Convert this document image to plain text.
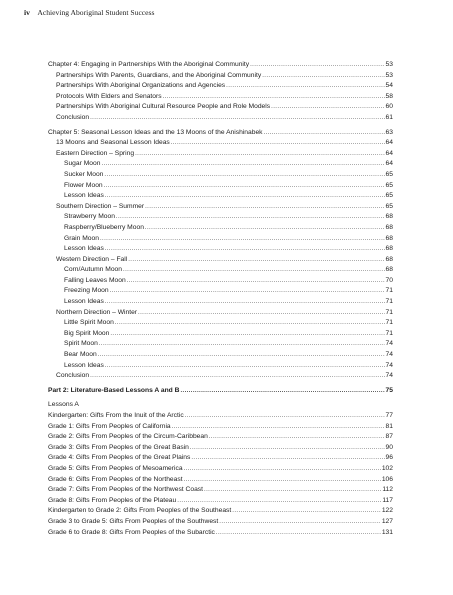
iv Achieving Aboriginal Student Success
Chapter 4: Engaging in Partnerships With the Aboriginal Community .....	53
Partnerships With Parents, Guardians, and the Aboriginal Community .....	53
Partnerships With Aboriginal Organizations and Agencies .....	54
Protocols With Elders and Senators .....	58
Partnerships With Aboriginal Cultural Resource People and Role Models .....	60
Conclusion .....	61
Chapter 5: Seasonal Lesson Ideas and the 13 Moons of the Anishinabek .....	63
13 Moons and Seasonal Lesson Ideas .....	64
Eastern Direction – Spring .....	64
Sugar Moon .....	64
Sucker Moon .....	65
Flower Moon .....	65
Lesson Ideas .....	65
Southern Direction – Summer .....	65
Strawberry Moon .....	68
Raspberry/Blueberry Moon .....	68
Grain Moon .....	68
Lesson Ideas .....	68
Western Direction – Fall .....	68
Corn/Autumn Moon .....	68
Falling Leaves Moon .....	70
Freezing Moon .....	71
Lesson Ideas .....	71
Northern Direction – Winter .....	71
Little Spirit Moon .....	71
Big Spirit Moon .....	71
Spirit Moon .....	74
Bear Moon .....	74
Lesson Ideas .....	74
Conclusion .....	74
Part 2: Literature-Based Lessons A and B .....	75
Lessons A
Kindergarten: Gifts From the Inuit of the Arctic .....	77
Grade 1: Gifts From Peoples of California .....	81
Grade 2: Gifts From Peoples of the Circum-Caribbean .....	87
Grade 3: Gifts From Peoples of the Great Basin .....	90
Grade 4: Gifts From Peoples of the Great Plains .....	96
Grade 5: Gifts From Peoples of Mesoamerica .....	102
Grade 6: Gifts From Peoples of the Northeast .....	106
Grade 7: Gifts From Peoples of the Northwest Coast .....	112
Grade 8: Gifts From Peoples of the Plateau .....	117
Kindergarten to Grade 2: Gifts From Peoples of the Southeast .....	122
Grade 3 to Grade 5: Gifts From Peoples of the Southwest .....	127
Grade 6 to Grade 8: Gifts From Peoples of the Subarctic .....	131
